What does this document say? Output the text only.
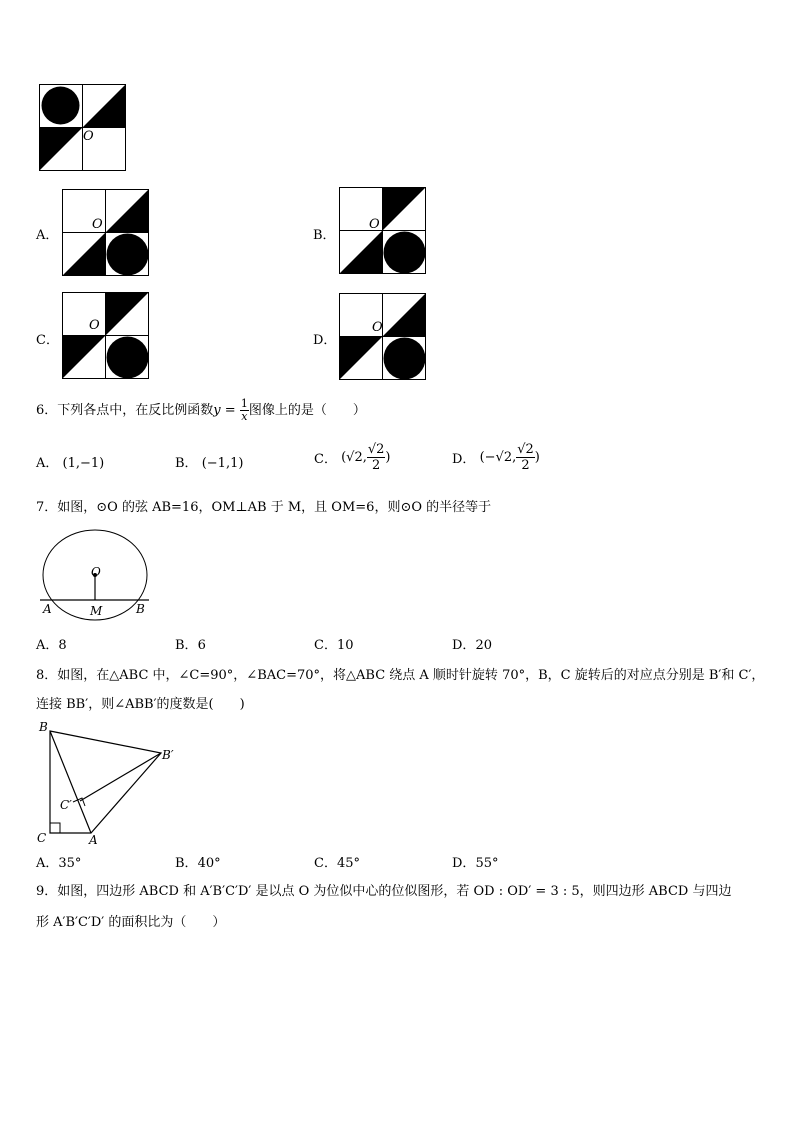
O
A．
O
B．
O
C．
O
D．
O
6．下列各点中，在反比例函数$y = \frac{1}{x}$ 图像上的是（　　）
A． (1,−1)	B． (−1,1)	C． (√2, $\frac{√2}{2}$ )	D． (−√2, $\frac{√2}{2}$ )
7．如图，⊙O 的弦 AB=16，OM⊥AB 于 M，且 OM=6，则⊙O 的半径等于
O
A	M	B
A．8	B．6	C．10	D．20
8．如图，在△ABC 中，∠C=90°，∠BAC=70°，将△ABC 绕点 A 顺时针旋转 70°，B，C 旋转后的对应点分别是 B′和 C′，
连接 BB′，则∠ABB′的度数是(　　)
B
B′
C′
C	A
A．35°	B．40°	C．45°	D．55°
9．如图，四边形 ABCD 和 A′B′C′D′ 是以点 O 为位似中心的位似图形，若 OD : OD′ = 3 : 5，则四边形 ABCD 与四边
形 A′B′C′D′ 的面积比为（　　）
